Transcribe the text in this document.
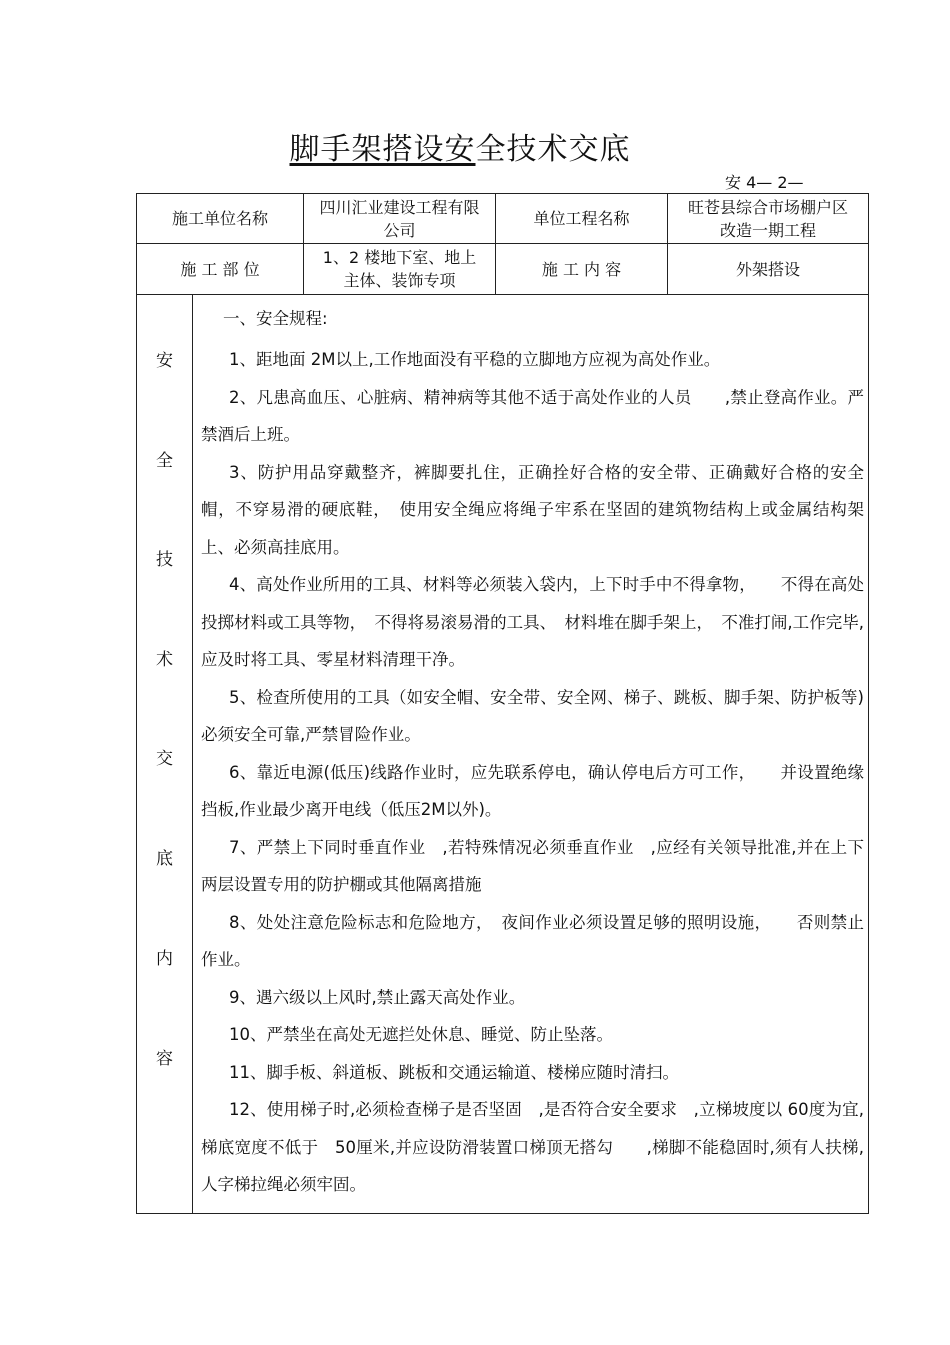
脚手架搭设安全技术交底
安 4— 2—
施工单位名称
四川汇业建设工程有限公司
单位工程名称
旺苍县综合市场棚户区改造一期工程
施 工 部 位
1、2 楼地下室、地上主体、装饰专项
施 工 内 容	外架搭设
安
全
技
术
交
底
内
容

一、安全规程:

1、距地面 2M以上,工作地面没有平稳的立脚地方应视为高处作业。

2、凡患高血压、心脏病、精神病等其他不适于高处作业的人员　　,禁止登高作业。严禁酒后上班。

3、防护用品穿戴整齐，裤脚要扎住，正确拴好合格的安全带、正确戴好合格的安全帽，不穿易滑的硬底鞋，　使用安全绳应将绳子牢系在坚固的建筑物结构上或金属结构架上、必须高挂底用。

4、高处作业所用的工具、材料等必须装入袋内，上下时手中不得拿物，　　不得在高处投掷材料或工具等物，　不得将易滚易滑的工具、　材料堆在脚手架上，　不准打闹,工作完毕,应及时将工具、零星材料清理干净。

5、检查所使用的工具（如安全帽、安全带、安全网、梯子、跳板、脚手架、防护板等)必须安全可靠,严禁冒险作业。

6、靠近电源(低压)线路作业时，应先联系停电，确认停电后方可工作，　　并设置绝缘挡板,作业最少离开电线（低压2M以外)。

7、严禁上下同时垂直作业　,若特殊情况必须垂直作业　,应经有关领导批准,并在上下两层设置专用的防护棚或其他隔离措施

8、处处注意危险标志和危险地方，　夜间作业必须设置足够的照明设施，　　否则禁止作业。

9、遇六级以上风时,禁止露天高处作业。

10、严禁坐在高处无遮拦处休息、睡觉、防止坠落。

11、脚手板、斜道板、跳板和交通运输道、楼梯应随时清扫。

12、使用梯子时,必须检查梯子是否坚固　,是否符合安全要求　,立梯坡度以 60度为宜,梯底宽度不低于　50厘米,并应设防滑装置口梯顶无搭勾　　,梯脚不能稳固时,须有人扶梯,人字梯拉绳必须牢固。
